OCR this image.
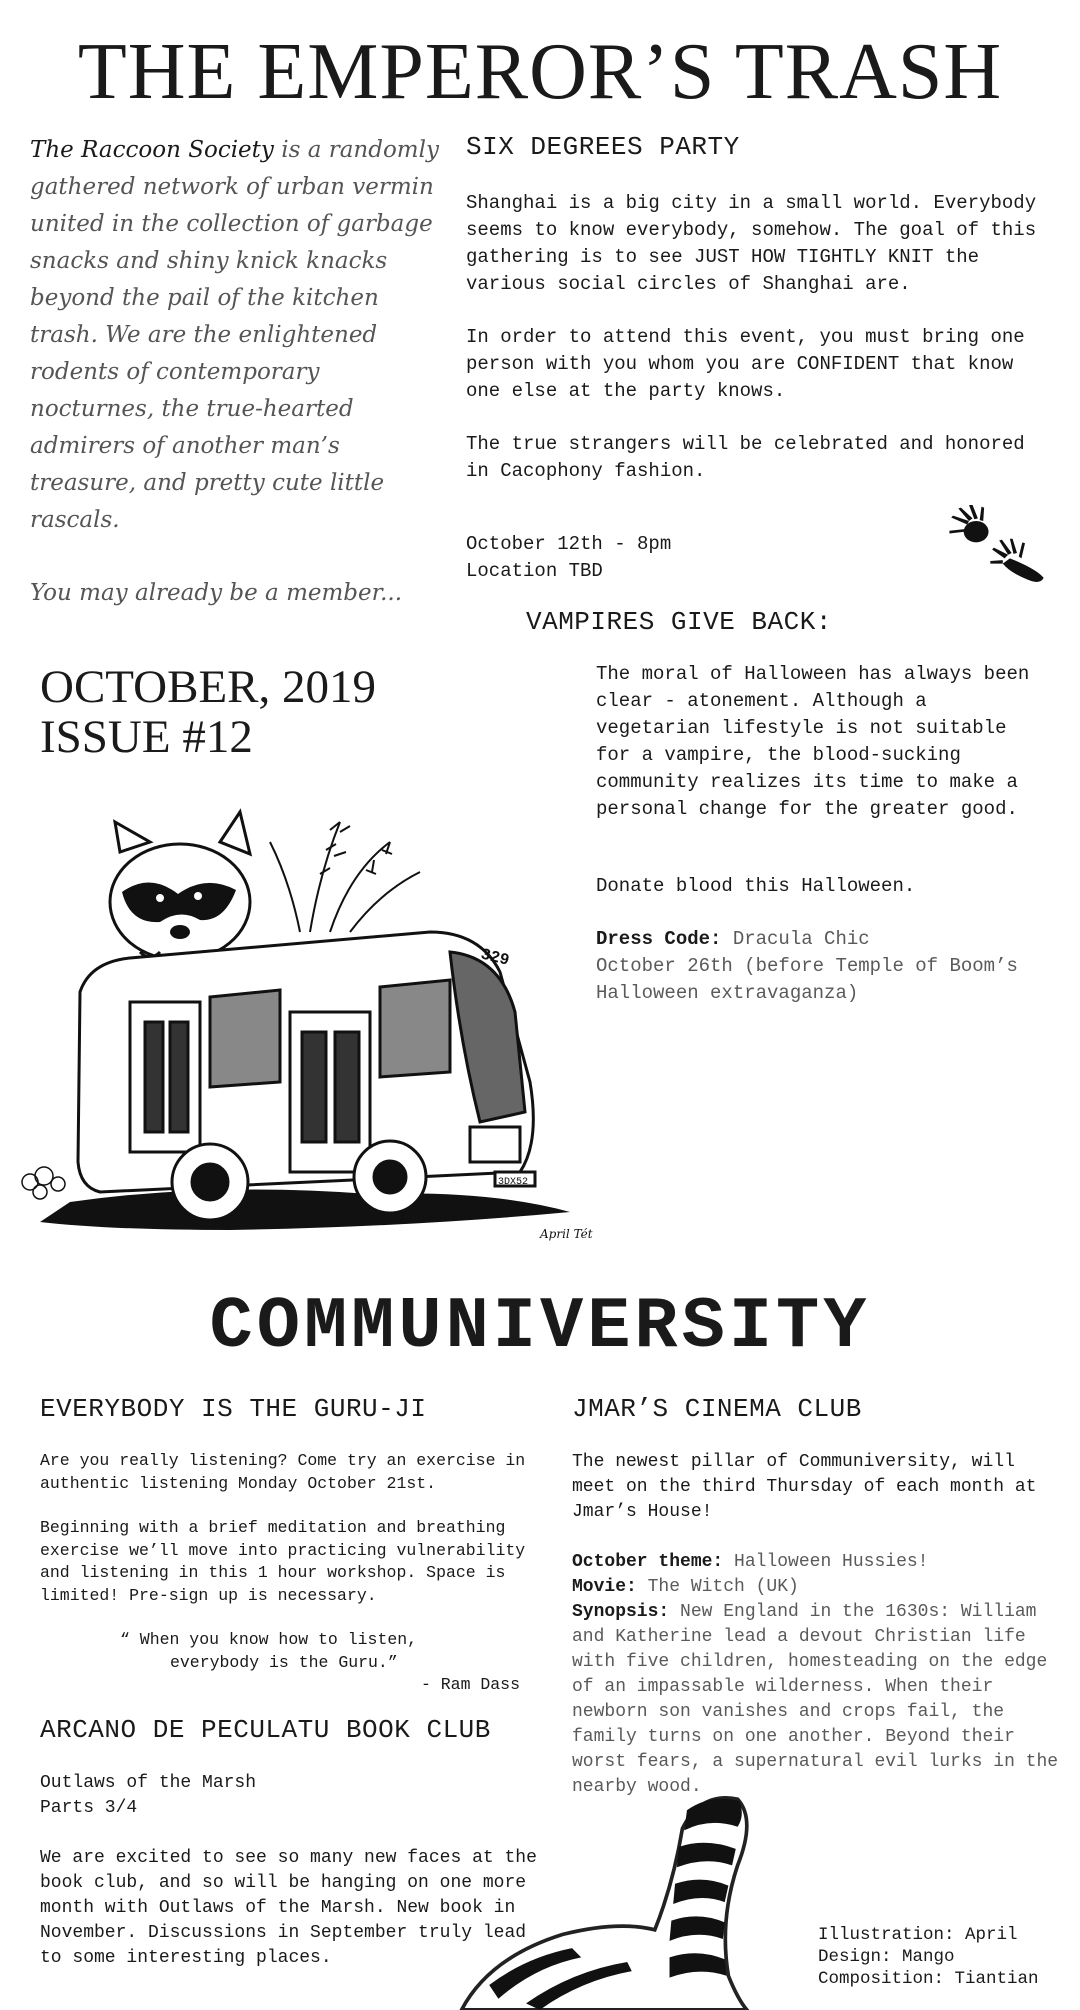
THE EMPEROR’S TRASH

The Raccoon Society is a randomly gathered network of urban vermin united in the collection of garbage snacks and shiny knick knacks beyond the pail of the kitchen trash. We are the enlightened rodents of contemporary nocturnes, the true-hearted admirers of another man’s treasure, and pretty cute little rascals.

You may already be a member...

OCTOBER, 2019
ISSUE #12
329
3DX52
April Tét
SIX DEGREES PARTY

Shanghai is a big city in a small world. Everybody seems to know everybody, somehow. The goal of this gathering is to see JUST HOW TIGHTLY KNIT the various social circles of Shanghai are.

In order to attend this event, you must bring one person with you whom you are CONFIDENT that know one else at the party knows.

The true strangers will be celebrated and honored in Cacophony fashion.

October 12th - 8pm

Location TBD

VAMPIRES GIVE BACK:

The moral of Halloween has always been clear - atonement. Although a vegetarian lifestyle is not suitable for a vampire, the blood-sucking community realizes its time to make a personal change for the greater good.

Donate blood this Halloween.

Dress Code: Dracula Chic

October 26th (before Temple of Boom’s Halloween extravaganza)

COMMUNIVERSITY
EVERYBODY IS THE GURU-JI

Are you really listening? Come try an exercise in authentic listening Monday October 21st.

Beginning with a brief meditation and breathing exercise we’ll move into practicing vulnerability and listening in this 1 hour workshop. Space is limited! Pre-sign up is necessary.

“ When you know how to listen,
everybody is the Guru.”
- Ram Dass
ARCANO DE PECULATU BOOK CLUB

Outlaws of the Marsh

Parts 3/4

We are excited to see so many new faces at the book club, and so will be hanging on one more month with Outlaws of the Marsh. New book in November. Discussions in September truly lead to some interesting places.

JMAR’S CINEMA CLUB

The newest pillar of Communiversity, will meet on the third Thursday of each month at Jmar’s House!

October theme: Halloween Hussies!

Movie: The Witch (UK)

Synopsis: New England in the 1630s: William and Katherine lead a devout Christian life with five children, homesteading on the edge of an impassable wilderness. When their newborn son vanishes and crops fail, the family turns on one another. Beyond their worst fears, a supernatural evil lurks in the nearby wood.

Illustration: April

Design: Mango

Composition: Tiantian
